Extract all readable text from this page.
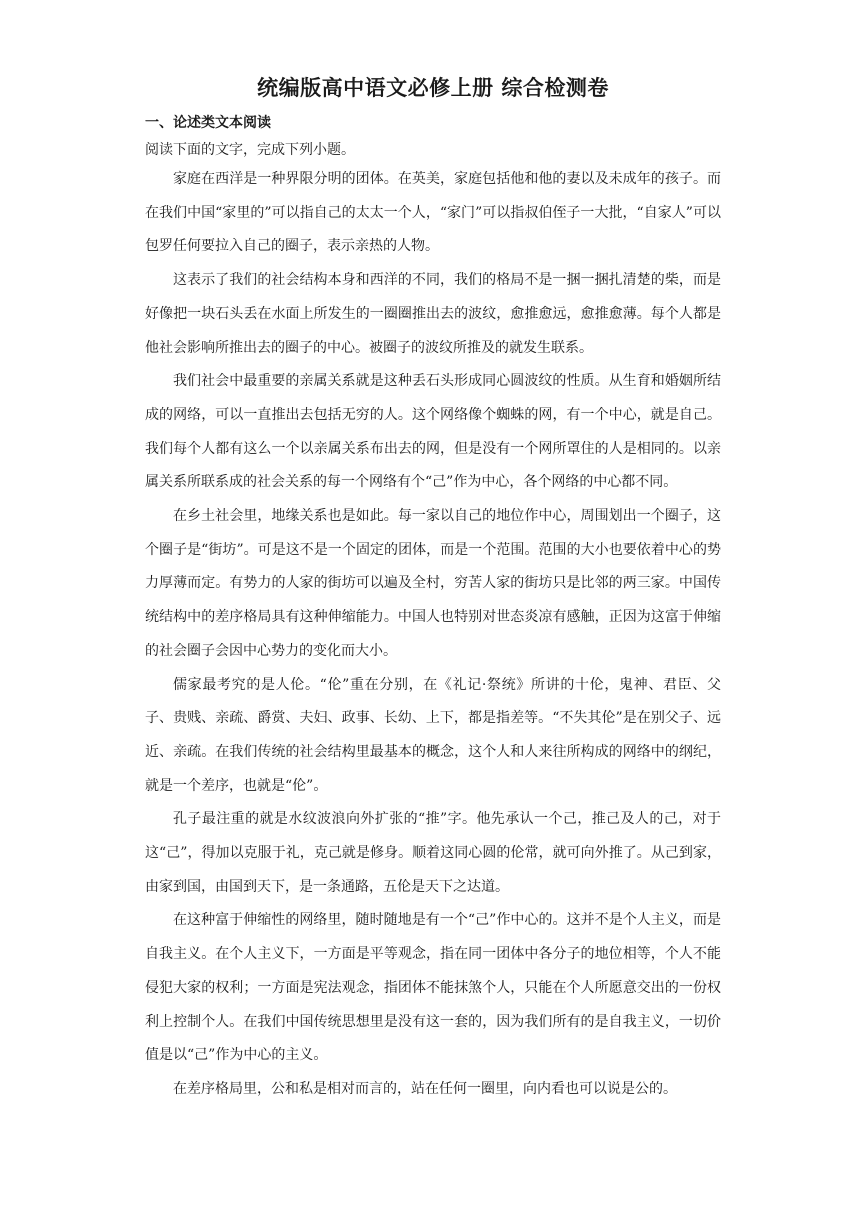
统编版高中语文必修上册 综合检测卷
一、论述类文本阅读
阅读下面的文字，完成下列小题。

家庭在西洋是一种界限分明的团体。在英美，家庭包括他和他的妻以及未成年的孩子。而在我们中国“家里的”可以指自己的太太一个人，“家门”可以指叔伯侄子一大批，“自家人”可以包罗任何要拉入自己的圈子，表示亲热的人物。

这表示了我们的社会结构本身和西洋的不同，我们的格局不是一捆一捆扎清楚的柴，而是好像把一块石头丢在水面上所发生的一圈圈推出去的波纹，愈推愈远，愈推愈薄。每个人都是他社会影响所推出去的圈子的中心。被圈子的波纹所推及的就发生联系。

我们社会中最重要的亲属关系就是这种丢石头形成同心圆波纹的性质。从生育和婚姻所结成的网络，可以一直推出去包括无穷的人。这个网络像个蜘蛛的网，有一个中心，就是自己。我们每个人都有这么一个以亲属关系布出去的网，但是没有一个网所罩住的人是相同的。以亲属关系所联系成的社会关系的每一个网络有个“己”作为中心，各个网络的中心都不同。

在乡土社会里，地缘关系也是如此。每一家以自己的地位作中心，周围划出一个圈子，这个圈子是“街坊”。可是这不是一个固定的团体，而是一个范围。范围的大小也要依着中心的势力厚薄而定。有势力的人家的街坊可以遍及全村，穷苦人家的街坊只是比邻的两三家。中国传统结构中的差序格局具有这种伸缩能力。中国人也特别对世态炎凉有感触，正因为这富于伸缩的社会圈子会因中心势力的变化而大小。

儒家最考究的是人伦。“伦”重在分别，在《礼记·祭统》所讲的十伦，鬼神、君臣、父子、贵贱、亲疏、爵赏、夫妇、政事、长幼、上下，都是指差等。“不失其伦”是在别父子、远近、亲疏。在我们传统的社会结构里最基本的概念，这个人和人来往所构成的网络中的纲纪，就是一个差序，也就是“伦”。

孔子最注重的就是水纹波浪向外扩张的“推”字。他先承认一个己，推己及人的己，对于这“己”，得加以克服于礼，克己就是修身。顺着这同心圆的伦常，就可向外推了。从己到家，由家到国，由国到天下，是一条通路，五伦是天下之达道。

在这种富于伸缩性的网络里，随时随地是有一个“己”作中心的。这并不是个人主义，而是自我主义。在个人主义下，一方面是平等观念，指在同一团体中各分子的地位相等，个人不能侵犯大家的权利；一方面是宪法观念，指团体不能抹煞个人，只能在个人所愿意交出的一份权利上控制个人。在我们中国传统思想里是没有这一套的，因为我们所有的是自我主义，一切价值是以“己”作为中心的主义。

在差序格局里，公和私是相对而言的，站在任何一圈里，向内看也可以说是公的。
